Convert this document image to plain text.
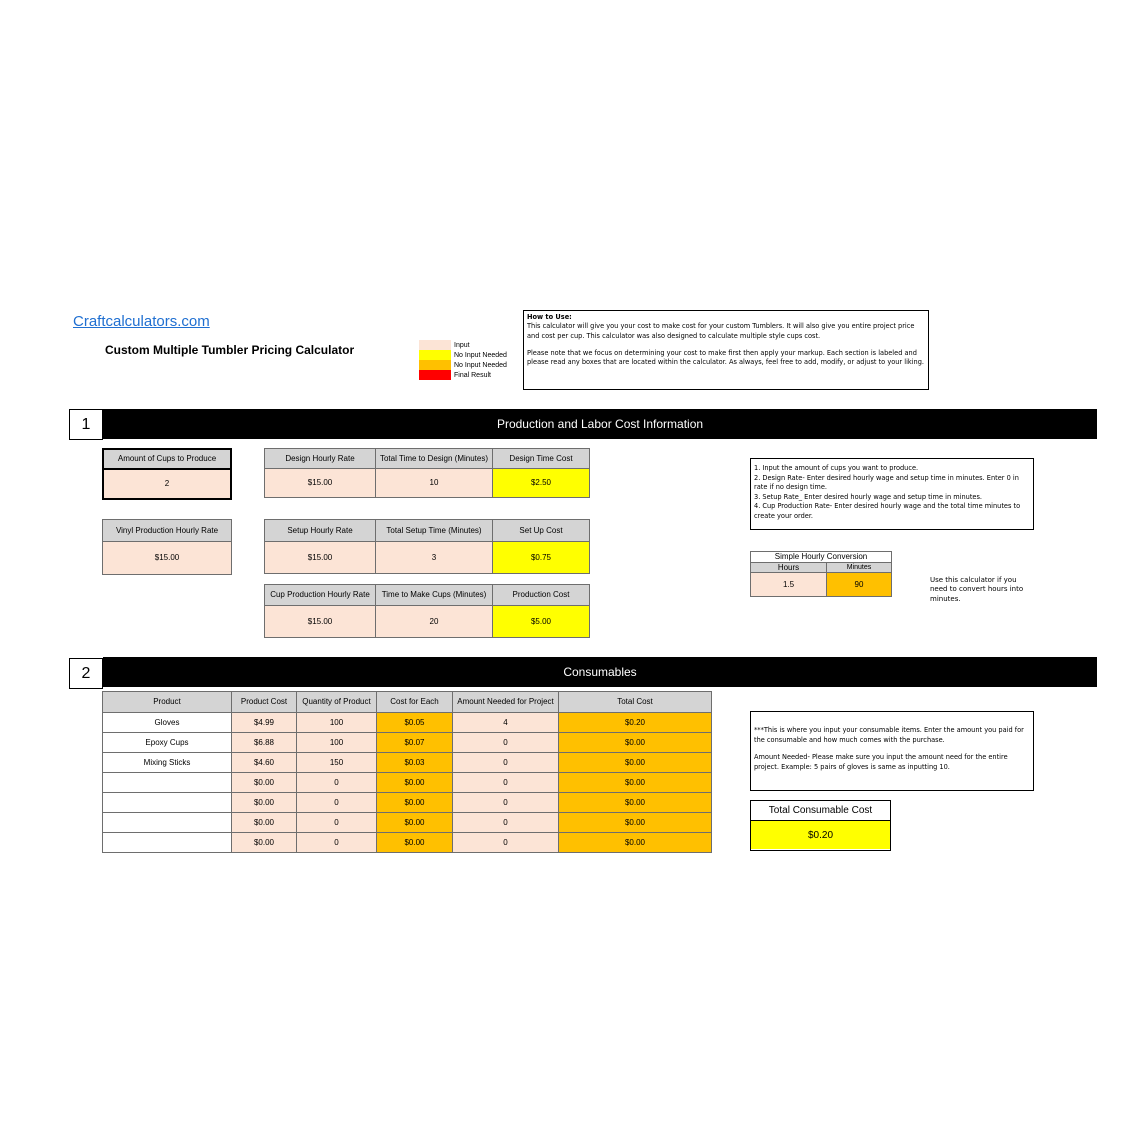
Craftcalculators.com
Custom Multiple Tumbler Pricing Calculator	Input
No Input Needed
No Input Needed
Final Result
How to Use:

This calculator will give you your cost to make cost for your custom Tumblers. It will also give you entire project price and cost per cup. This calculator was also designed to calculate multiple style cups cost.

Please note that we focus on determining your cost to make first then apply your markup. Each section is labeled and please read any boxes that are located within the calculator. As always, feel free to add, modify, or adjust to your liking.

1	Production and Labor Cost Information
Amount of Cups to Produce
2
Vinyl Production Hourly Rate
$15.00
Design Hourly Rate	Total Time to Design (Minutes)	Design Time Cost
$15.00	10	$2.50
Setup Hourly Rate	Total Setup Time (Minutes)	Set Up Cost
$15.00	3	$0.75
Cup Production Hourly Rate	Time to Make Cups (Minutes)	Production Cost
$15.00	20	$5.00
1. Input the amount of cups you want to produce.
2. Design Rate- Enter desired hourly wage and setup time in minutes. Enter 0 in rate if no design time.
3. Setup Rate_ Enter desired hourly wage and setup time in minutes.
4. Cup Production Rate- Enter desired hourly wage and the total time minutes to create your order.
Simple Hourly Conversion	
Hours	Minutes
1.5	90
Use this calculator if you need to convert hours into minutes.
2	Consumables
Product	Product Cost	Quantity of Product	Cost for Each	Amount Needed for Project	Total Cost
Gloves	$4.99	100	$0.05	4	$0.20
Epoxy Cups	$6.88	100	$0.07	0	$0.00
Mixing Sticks	$4.60	150	$0.03	0	$0.00
	$0.00	0	$0.00	0	$0.00
	$0.00	0	$0.00	0	$0.00
	$0.00	0	$0.00	0	$0.00
	$0.00	0	$0.00	0	$0.00

***This is where you input your consumable items. Enter the amount you paid for the consumable and how much comes with the purchase.

Amount Needed- Please make sure you input the amount need for the entire project. Example: 5 pairs of gloves is same as inputting 10.

Total Consumable Cost
$0.20
